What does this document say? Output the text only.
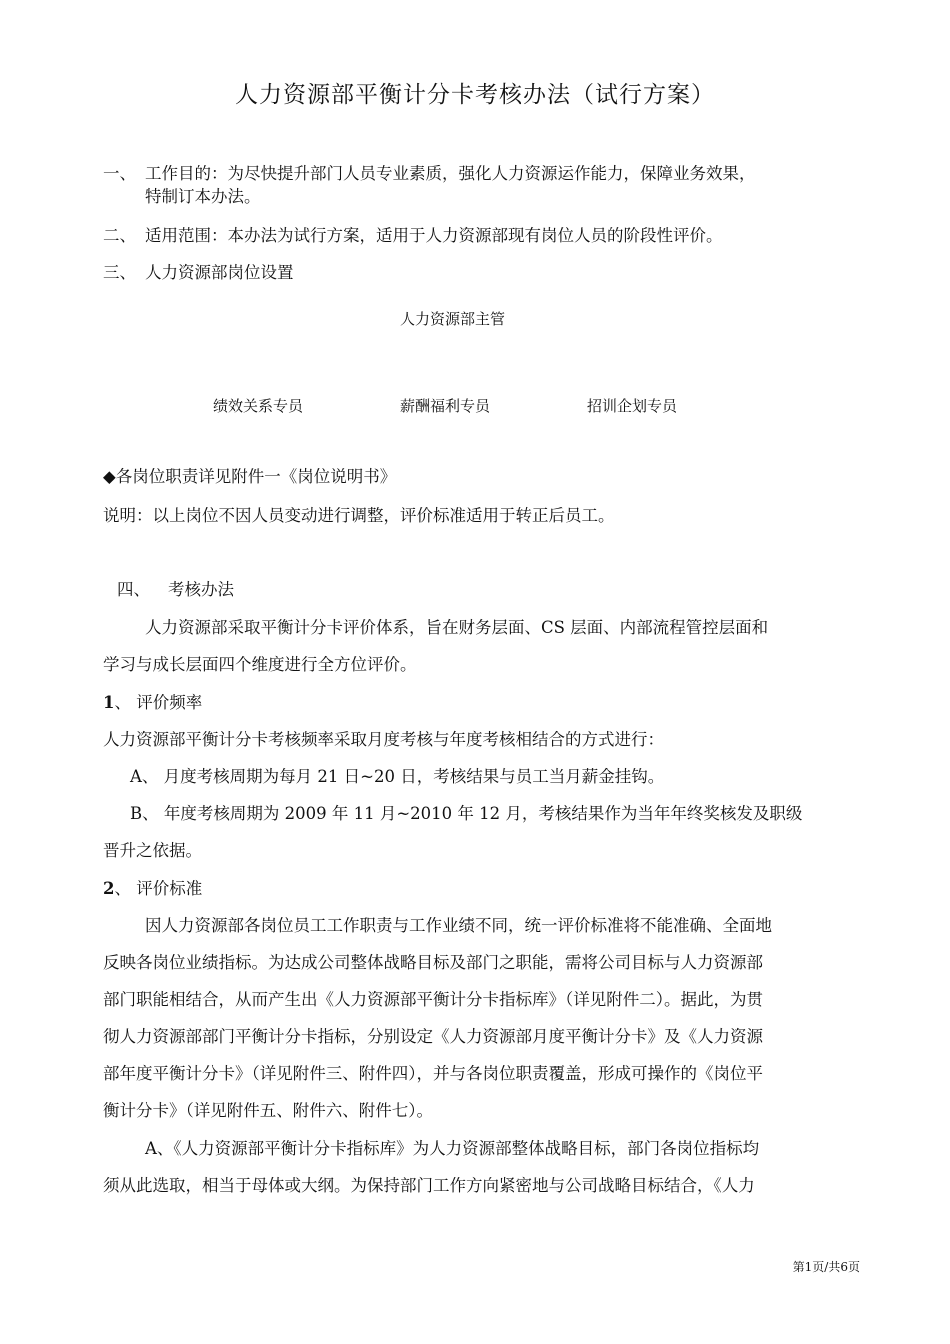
人力资源部平衡计分卡考核办法（试行方案）
一、 工作目的：为尽快提升部门人员专业素质，强化人力资源运作能力，保障业务效果，
特制订本办法。
二、 适用范围：本办法为试行方案，适用于人力资源部现有岗位人员的阶段性评价。
三、 人力资源部岗位设置
人力资源部主管
绩效关系专员	薪酬福利专员	招训企划专员
◆各岗位职责详见附件一《岗位说明书》
说明：以上岗位不因人员变动进行调整，评价标准适用于转正后员工。
四、 考核办法
人力资源部采取平衡计分卡评价体系，旨在财务层面、CS 层面、内部流程管控层面和
学习与成长层面四个维度进行全方位评价。
1、 评价频率
人力资源部平衡计分卡考核频率采取月度考核与年度考核相结合的方式进行：
A、 月度考核周期为每月 21 日~20 日，考核结果与员工当月薪金挂钩。
B、 年度考核周期为 2009 年 11 月~2010 年 12 月，考核结果作为当年年终奖核发及职级
晋升之依据。
2、 评价标准
因人力资源部各岗位员工工作职责与工作业绩不同，统一评价标准将不能准确、全面地
反映各岗位业绩指标。为达成公司整体战略目标及部门之职能，需将公司目标与人力资源部
部门职能相结合，从而产生出《人力资源部平衡计分卡指标库》（详见附件二）。据此，为贯
彻人力资源部部门平衡计分卡指标，分别设定《人力资源部月度平衡计分卡》及《人力资源
部年度平衡计分卡》（详见附件三、附件四），并与各岗位职责覆盖，形成可操作的《岗位平
衡计分卡》（详见附件五、附件六、附件七）。
A、《人力资源部平衡计分卡指标库》为人力资源部整体战略目标，部门各岗位指标均
须从此选取，相当于母体或大纲。为保持部门工作方向紧密地与公司战略目标结合，《人力
第1页/共6页
